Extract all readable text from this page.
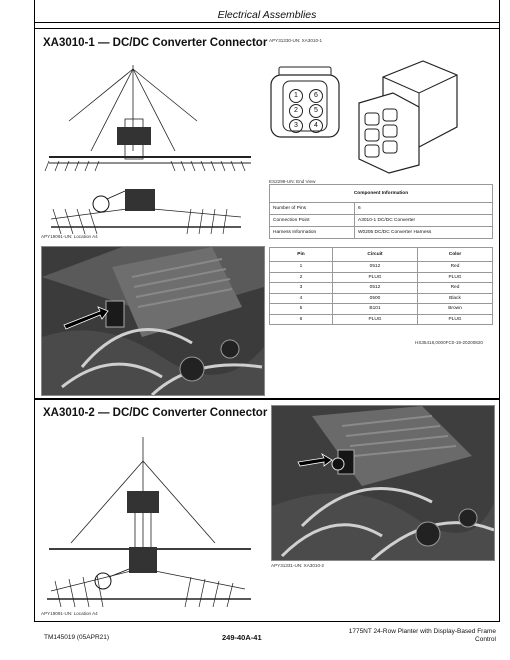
Electrical Assemblies
XA3010-1 — DC/DC Converter Connector
APY19091-UN: Location A4
APY31330-UN: XA3010-1
1	6
2	5
3	4
ES2299-UN: End View
Component Information	
Number of Pins	6
Connection Point	A3010-1 DC/DC Converter
Harness Information	W0205 DC/DC Converter Harness
Pin	Circuit	Color
1	0512	Red
2	PLUG	PLUG
3	0512	Red
4	0500	Black
5	B101	Brown
6	PLUG	PLUG
HS35418,0000FC0-19-20200820
XA3010-2 — DC/DC Converter Connector
APY19091-UN: Location A4
APY31331-UN: XA3010-2
TM145019 (05APR21)	249-40A-41
1775NT 24-Row Planter with Display-Based Frame
Control
